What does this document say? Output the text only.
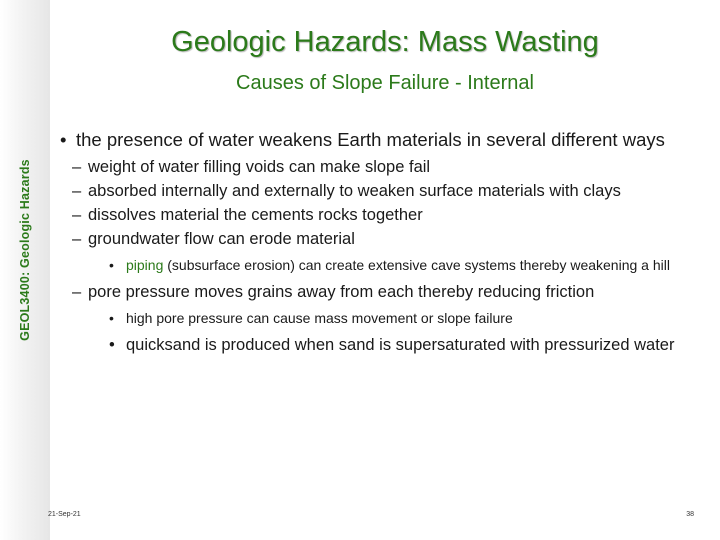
GEOL3400: Geologic Hazards
Geologic Hazards: Mass Wasting
Causes of Slope Failure - Internal
• the presence of water weakens Earth materials in several different ways
– weight of water filling voids can make slope fail
– absorbed internally and externally to weaken surface materials with clays
– dissolves material the cements rocks together
– groundwater flow can erode material
• piping (subsurface erosion) can create extensive cave systems thereby weakening a hill
– pore pressure moves grains away from each thereby reducing friction
• high pore pressure can cause mass movement or slope failure
• quicksand is produced when sand is supersaturated with pressurized water
21-Sep-21	38
